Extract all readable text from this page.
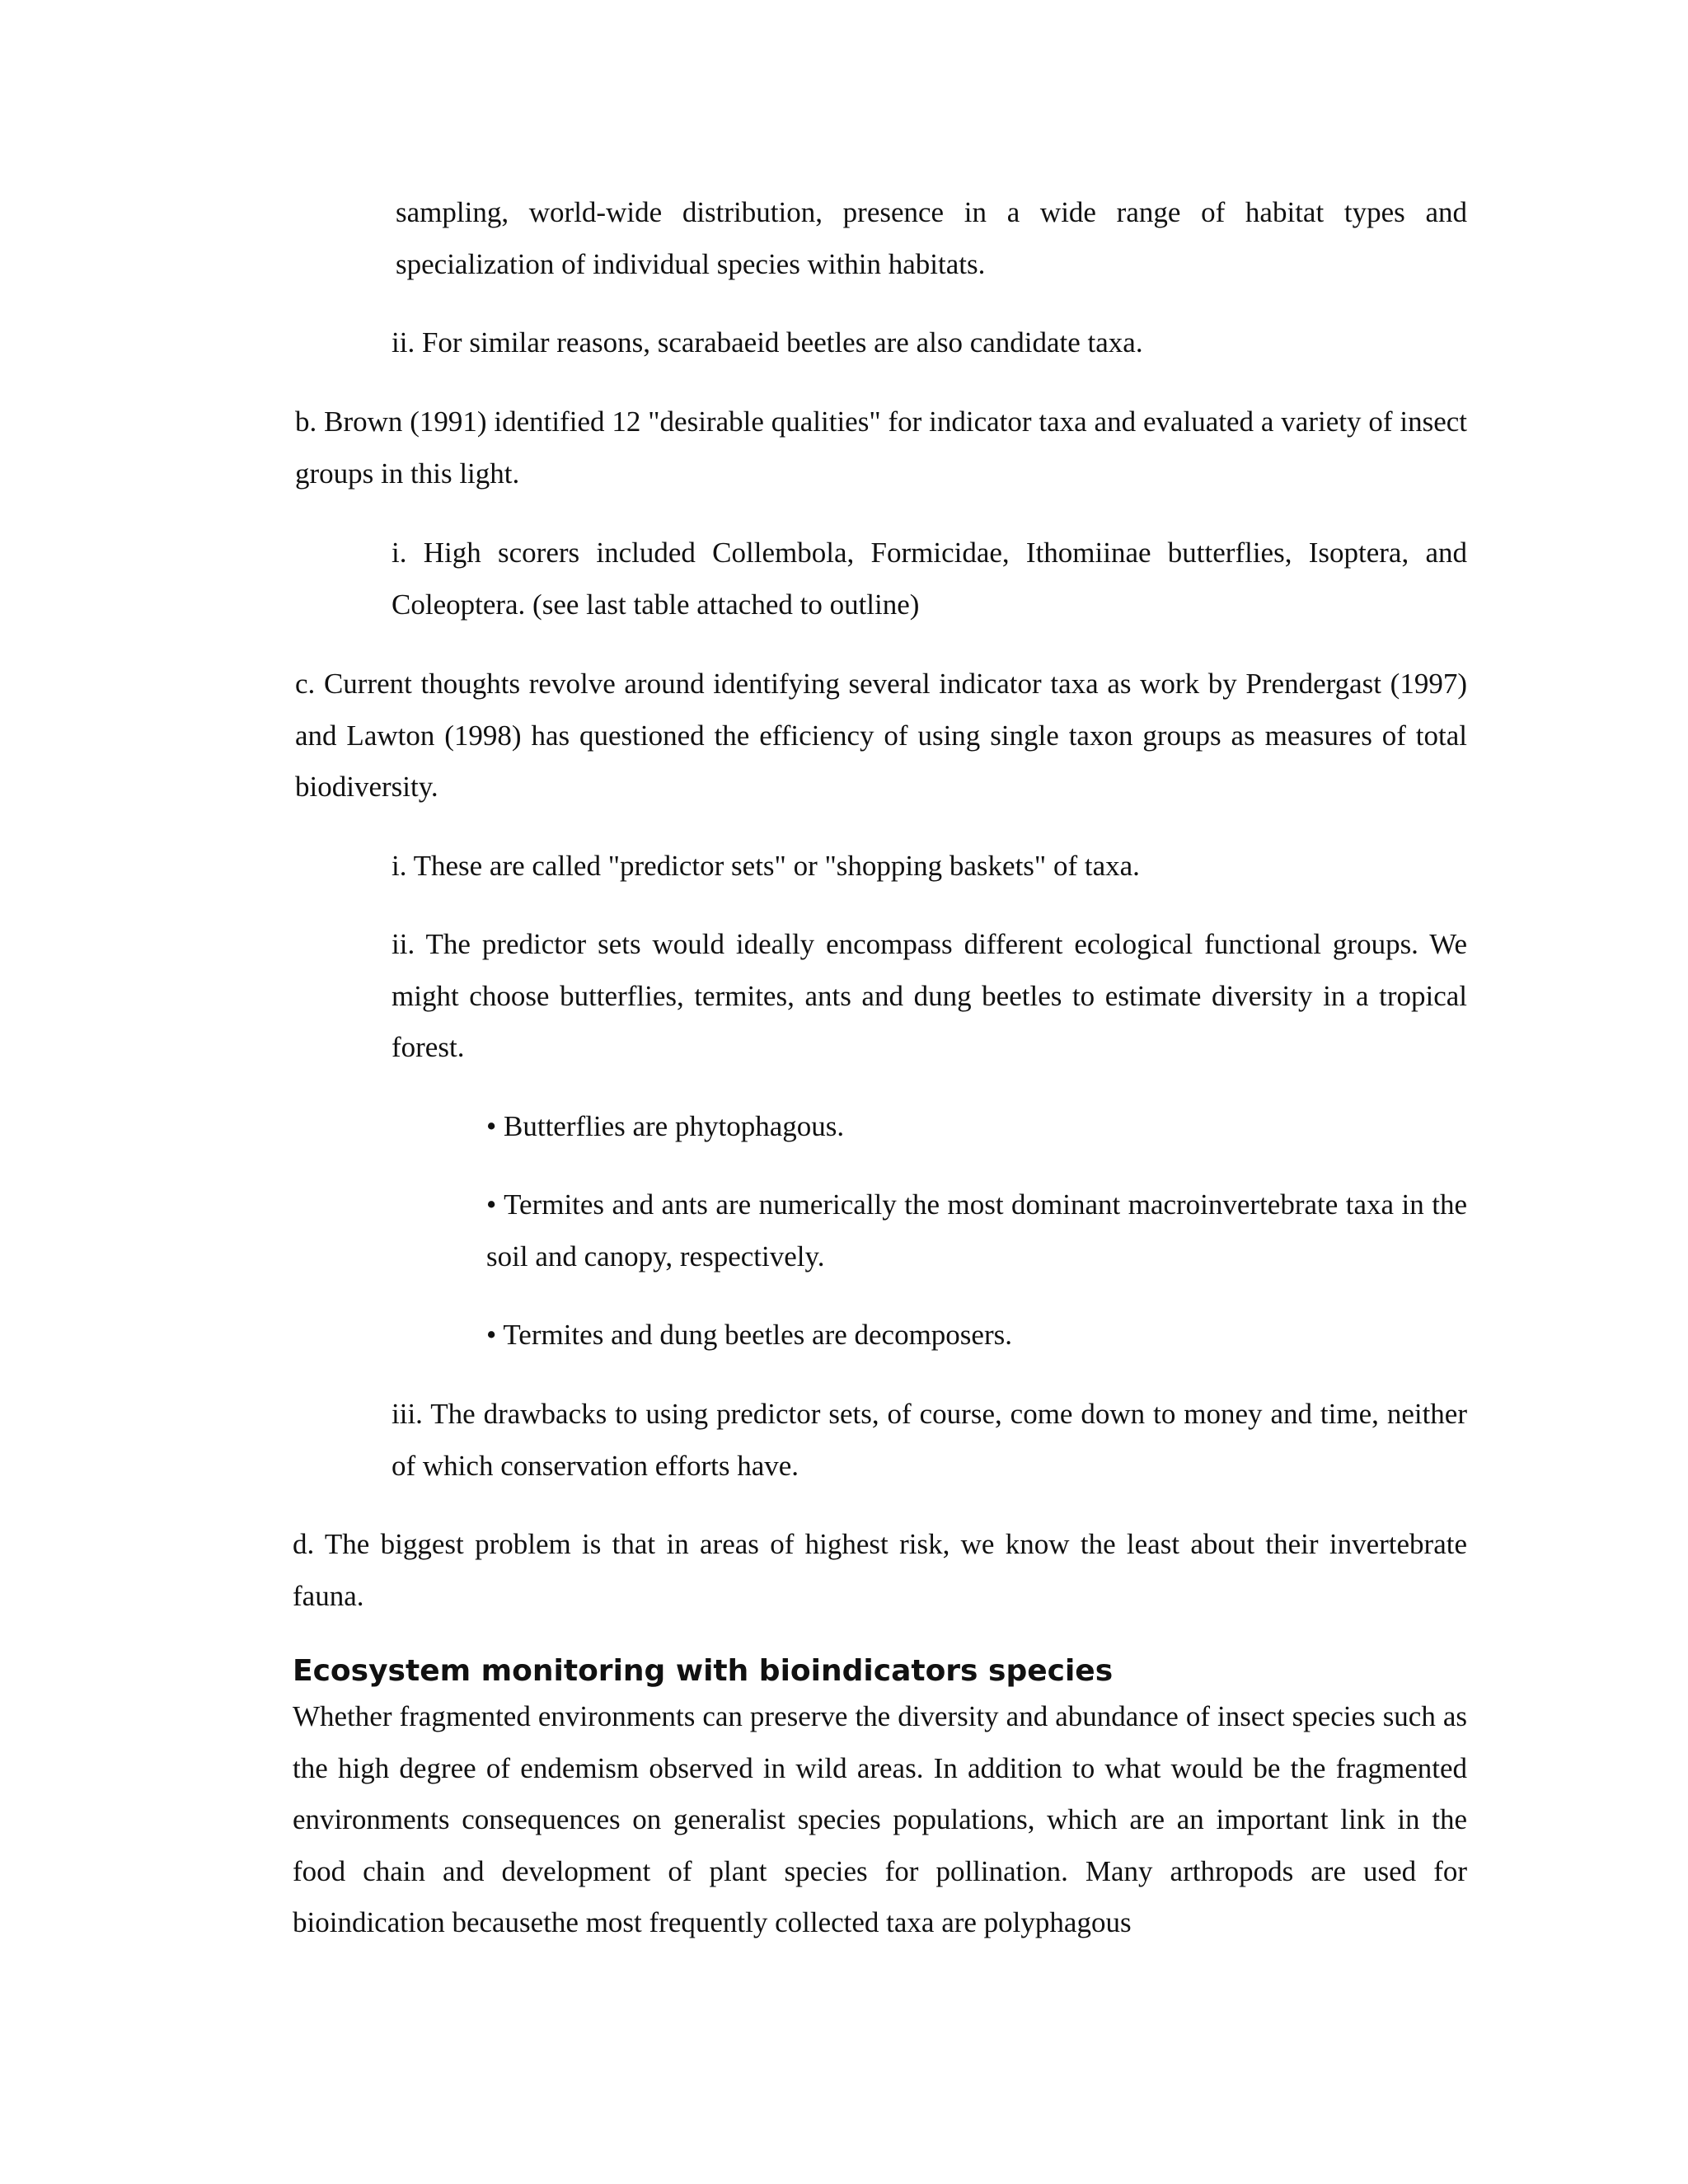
sampling, world-wide distribution, presence in a wide range of habitat types and specialization of individual species within habitats.

ii. For similar reasons, scarabaeid beetles are also candidate taxa.

b. Brown (1991) identified 12 "desirable qualities" for indicator taxa and evaluated a variety of insect groups in this light.

i. High scorers included Collembola, Formicidae, Ithomiinae butterflies, Isoptera, and Coleoptera. (see last table attached to outline)

c. Current thoughts revolve around identifying several indicator taxa as work by Prendergast (1997) and Lawton (1998) has questioned the efficiency of using single taxon groups as measures of total biodiversity.

i. These are called "predictor sets" or "shopping baskets" of taxa.

ii. The predictor sets would ideally encompass different ecological functional groups. We might choose butterflies, termites, ants and dung beetles to estimate diversity in a tropical forest.

• Butterflies are phytophagous.

• Termites and ants are numerically the most dominant macroinvertebrate taxa in the soil and canopy, respectively.

• Termites and dung beetles are decomposers.

iii. The drawbacks to using predictor sets, of course, come down to money and time, neither of which conservation efforts have.

d. The biggest problem is that in areas of highest risk, we know the least about their invertebrate fauna.

Ecosystem monitoring with bioindicators species

Whether fragmented environments can preserve the diversity and abundance of insect species such as the high degree of endemism observed in wild areas. In addition to what would be the fragmented environments consequences on generalist species populations, which are an important link in the food chain and development of plant species for pollination. Many arthropods are used for bioindication becausethe most frequently collected taxa are polyphagous
